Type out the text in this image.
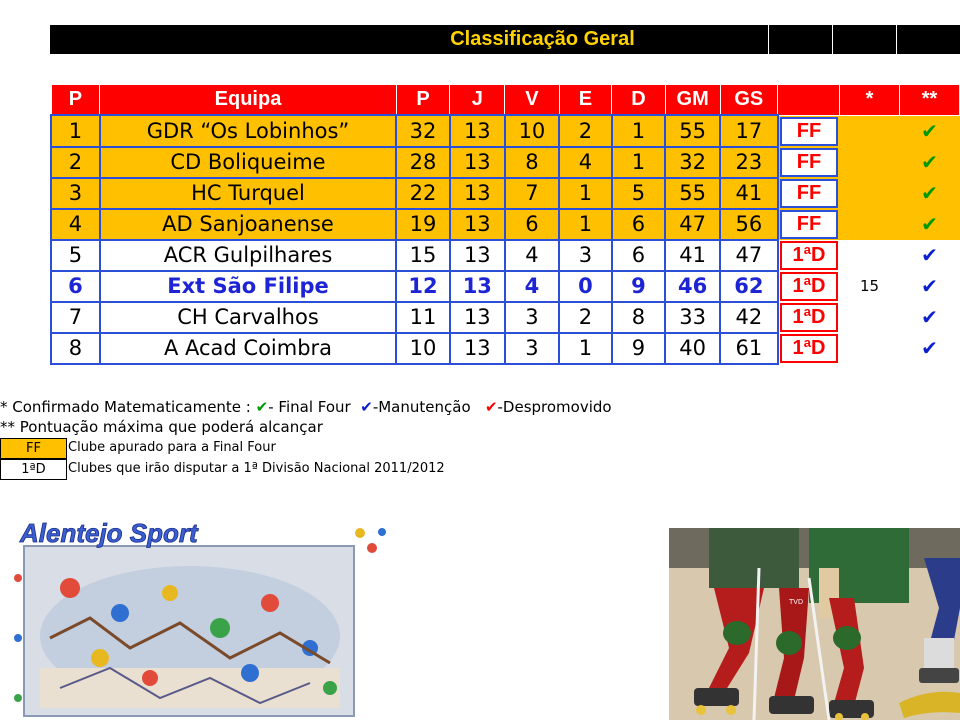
Classificação Geral
P	Equipa	P	J	V	E	D	GM	GS		*	**
1	GDR “Os Lobinhos”	32	13	10	2	1	55	17	FF		✔
2	CD Boliqueime	28	13	8	4	1	32	23	FF		✔
3	HC Turquel	22	13	7	1	5	55	41	FF		✔
4	AD Sanjoanense	19	13	6	1	6	47	56	FF		✔
5	ACR Gulpilhares	15	13	4	3	6	41	47	1ªD		✔
6	Ext São Filipe	12	13	4	0	9	46	62	1ªD	15	✔
7	CH Carvalhos	11	13	3	2	8	33	42	1ªD		✔
8	A Acad Coimbra	10	13	3	1	9	40	61	1ªD		✔
* Confirmado Matematicamente : ✔- Final Four ✔-Manutenção ✔-Despromovido
** Pontuação máxima que poderá alcançar
FF	Clube apurado para a Final Four
1ªD	Clubes que irão disputar a 1ª Divisão Nacional 2011/2012
Alentejo Sport
TVD
